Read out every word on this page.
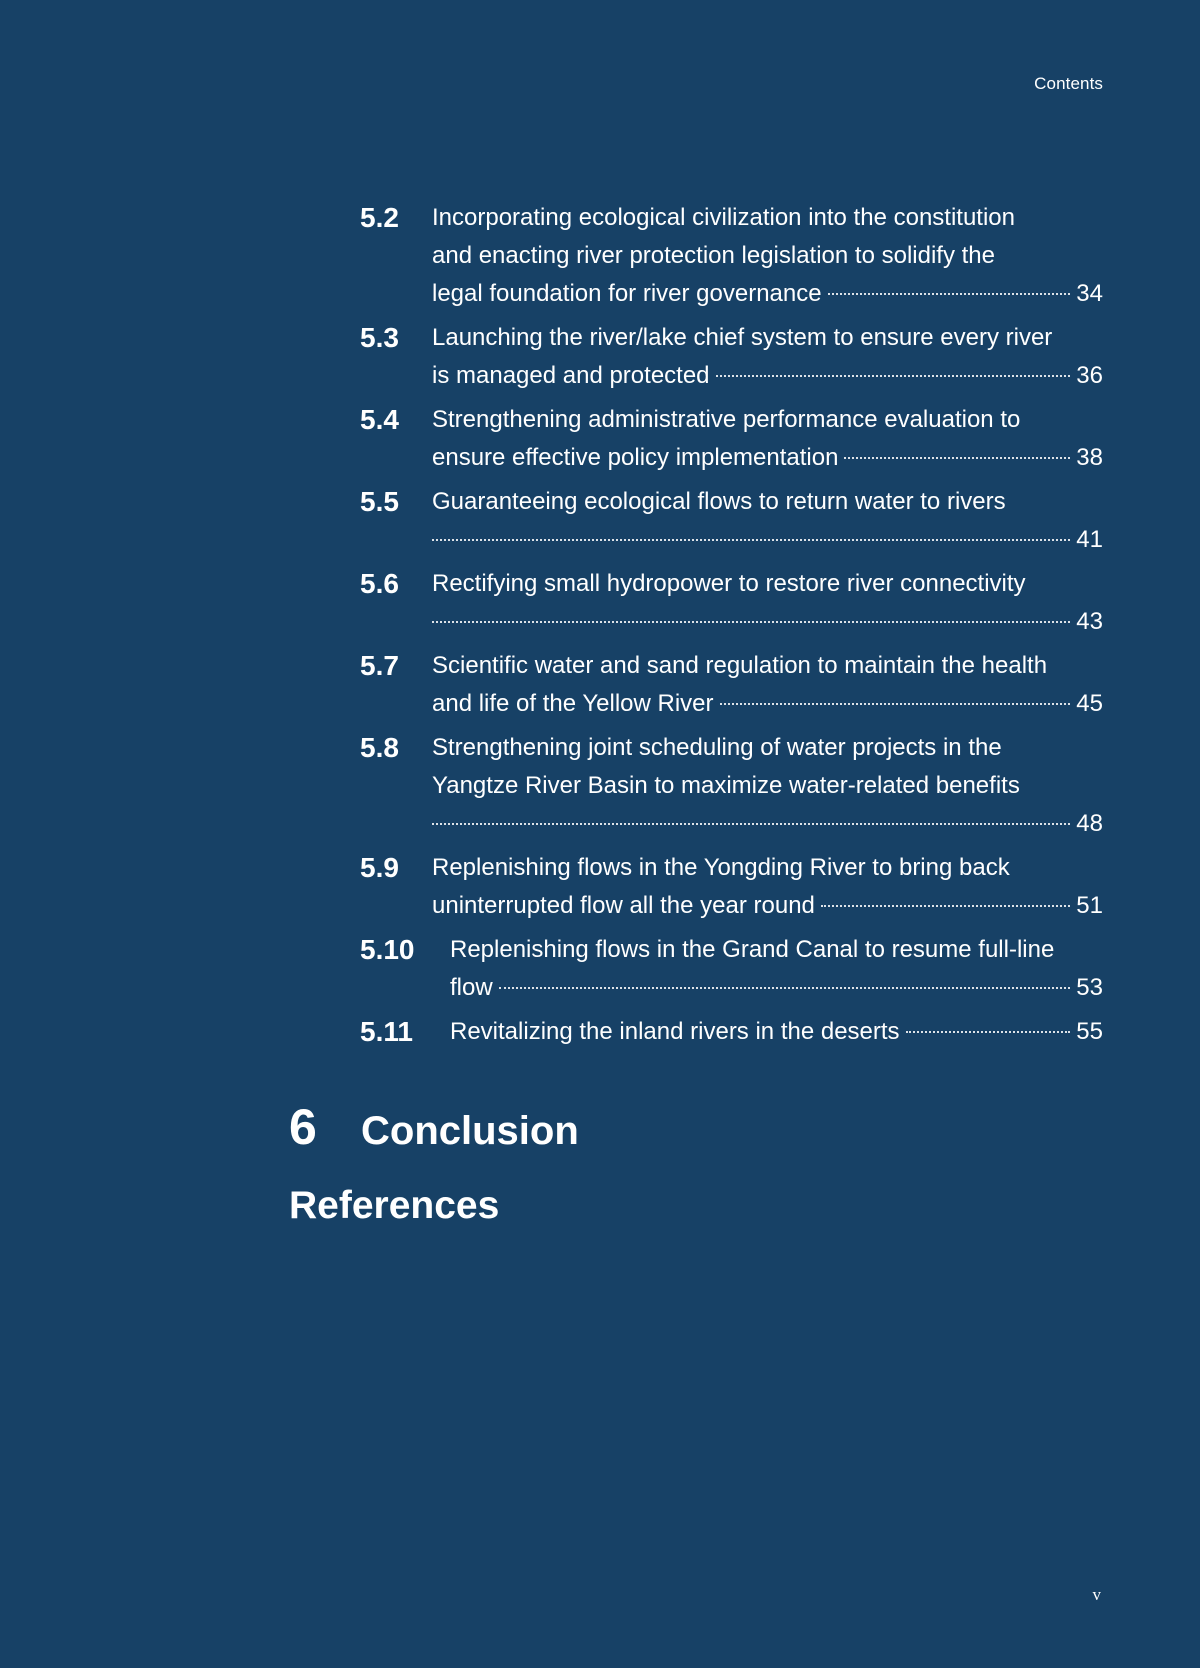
Contents
5.2 Incorporating ecological civilization into the constitution
and enacting river protection legislation to solidify the
legal foundation for river governance	34
5.3 Launching the river/lake chief system to ensure every river
is managed and protected	36
5.4 Strengthening administrative performance evaluation to
ensure effective policy implementation	38
5.5 Guaranteeing ecological flows to return water to rivers
41
5.6 Rectifying small hydropower to restore river connectivity
43
5.7 Scientific water and sand regulation to maintain the health
and life of the Yellow River	45
5.8 Strengthening joint scheduling of water projects in the
Yangtze River Basin to maximize water-related benefits
48
5.9 Replenishing flows in the Yongding River to bring back
uninterrupted flow all the year round	51
5.10 Replenishing flows in the Grand Canal to resume full-line
flow	53
5.11 Revitalizing the inland rivers in the deserts	55
6	Conclusion
References
v
